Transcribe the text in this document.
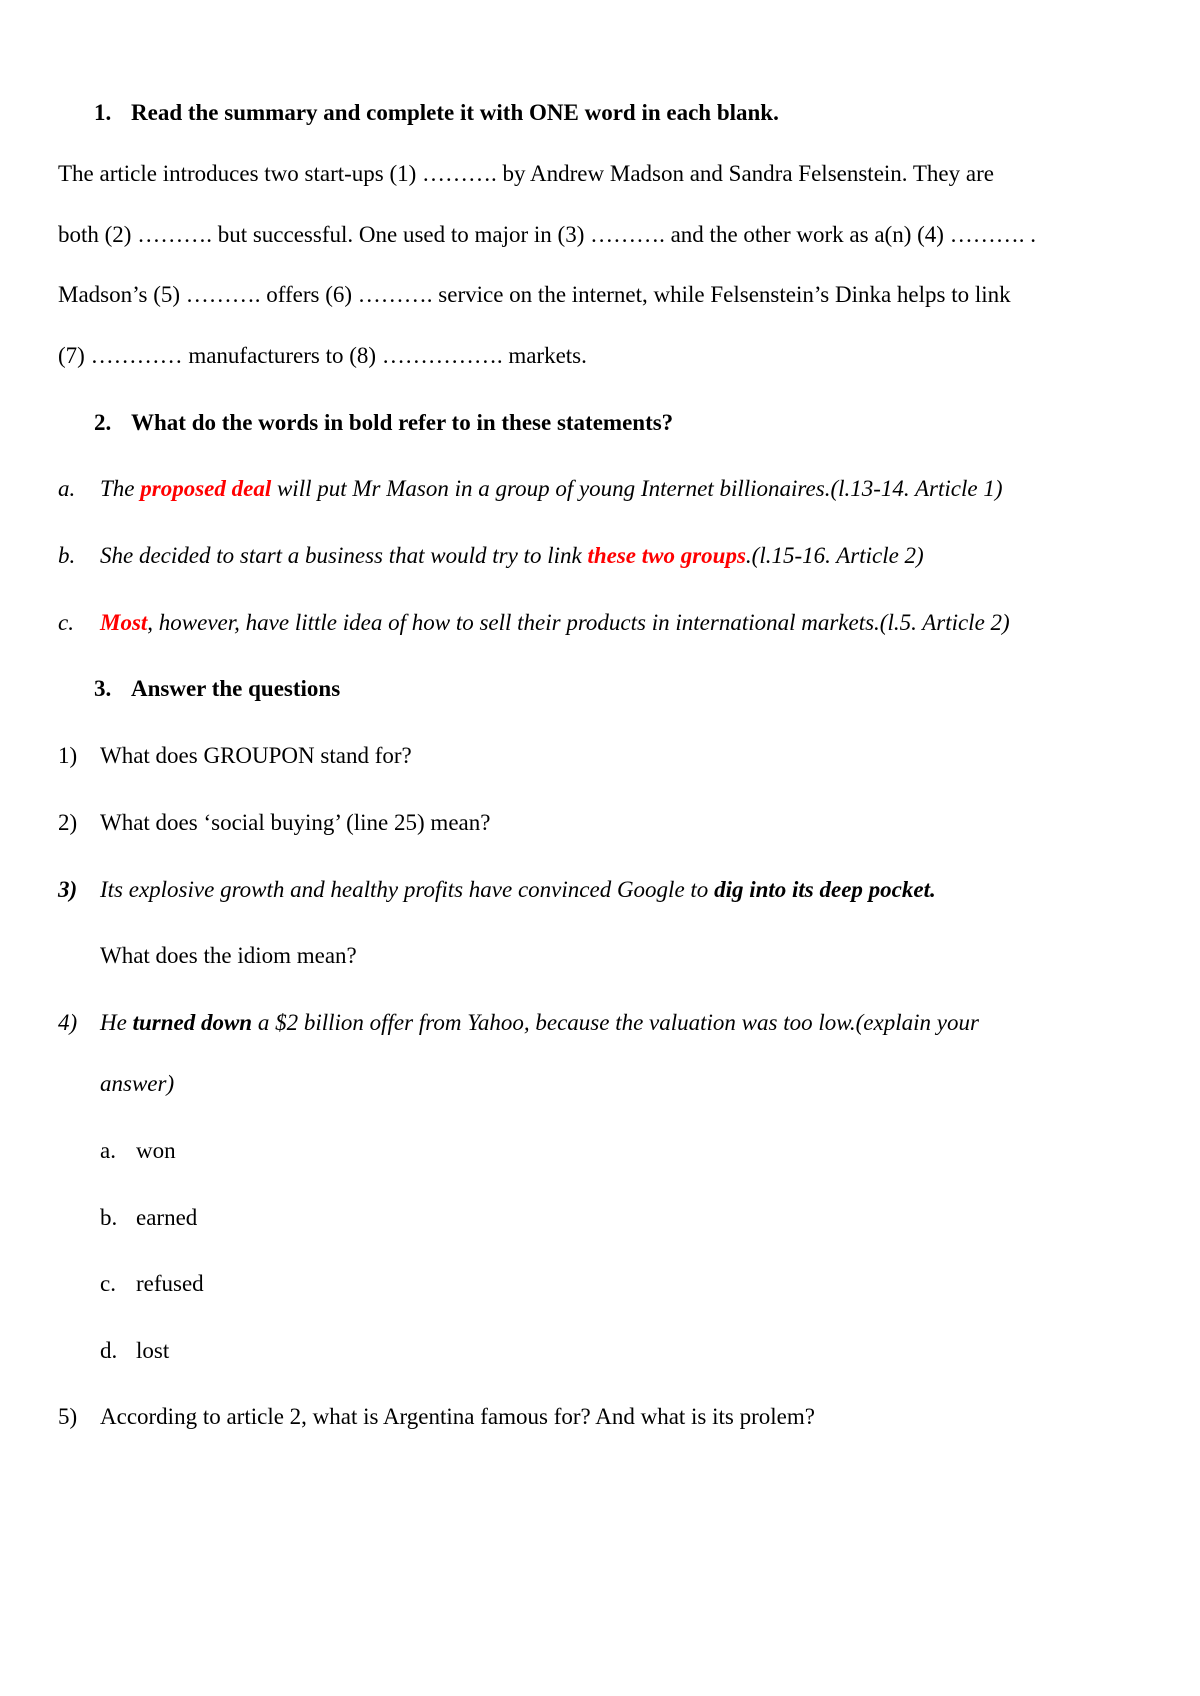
1. Read the summary and complete it with ONE word in each blank.
The article introduces two start-ups (1) ………. by Andrew Madson and Sandra Felsenstein. They are
both (2) ………. but successful. One used to major in (3) ………. and the other work as a(n) (4) ………. .
Madson’s (5) ………. offers (6) ………. service on the internet, while Felsenstein’s Dinka helps to link
(7) ………… manufacturers to (8) ……………. markets.
2. What do the words in bold refer to in these statements?
a. The proposed deal will put Mr Mason in a group of young Internet billionaires.(l.13-14. Article 1)
b. She decided to start a business that would try to link these two groups.(l.15-16. Article 2)
c. Most, however, have little idea of how to sell their products in international markets.(l.5. Article 2)
3. Answer the questions
1) What does GROUPON stand for?
2) What does ‘social buying’ (line 25) mean?
3) Its explosive growth and healthy profits have convinced Google to dig into its deep pocket.
What does the idiom mean?
4) He turned down a $2 billion offer from Yahoo, because the valuation was too low.(explain your
answer)
a. won
b. earned
c. refused
d. lost
5) According to article 2, what is Argentina famous for? And what is its prolem?
